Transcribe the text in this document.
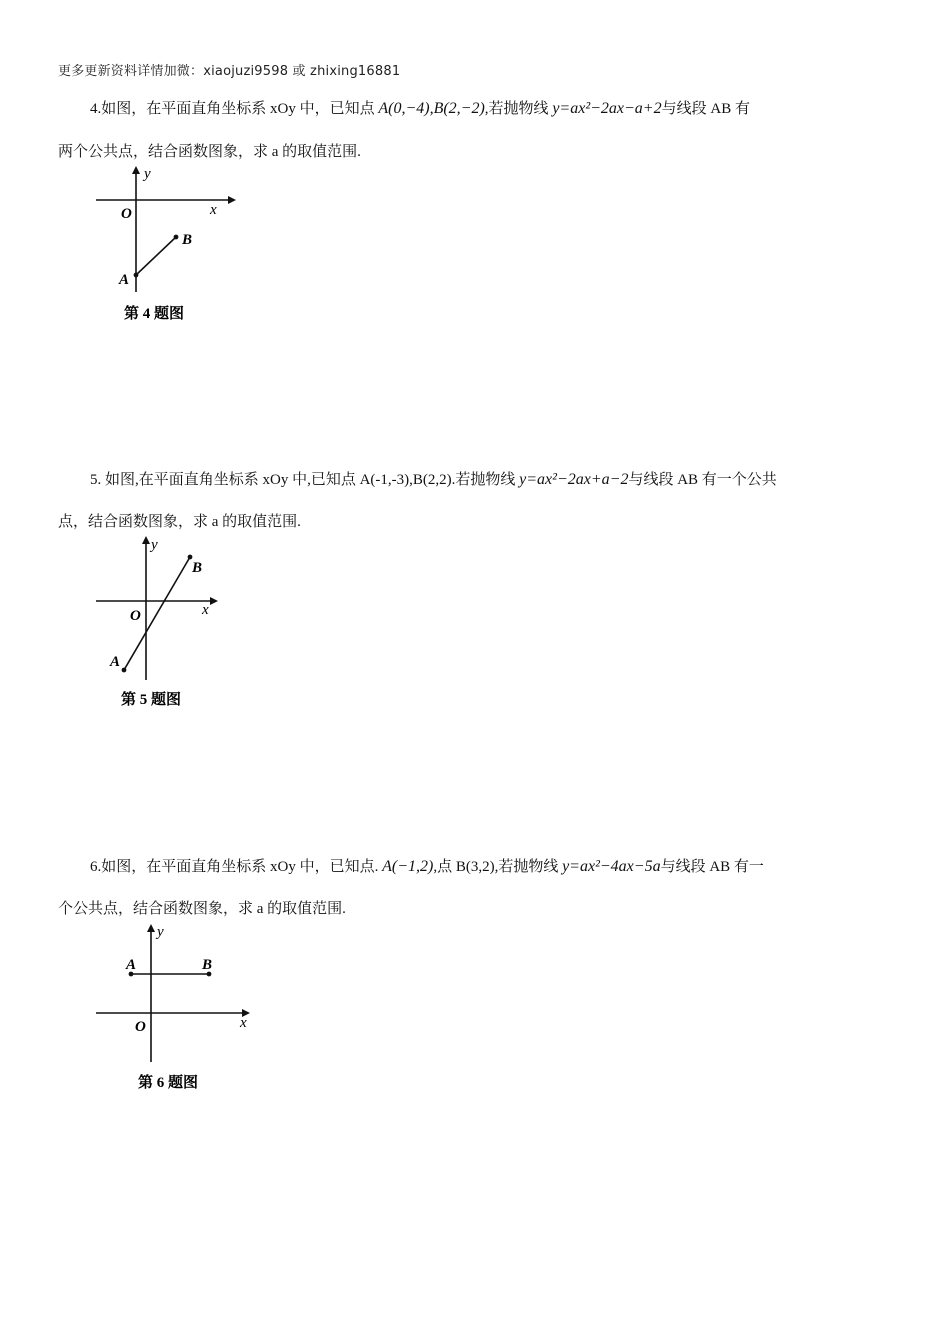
更多更新资料详情加微：xiaojuzi9598 或 zhixing16881
4.如图，在平面直角坐标系 xOy 中，已知点 A(0,−4),B(2,−2),若抛物线 y=ax²−2ax−a+2与线段 AB 有
两个公共点，结合函数图象，求 a 的取值范围.
y
x
O
A
B
第 4 题图
5. 如图,在平面直角坐标系 xOy 中,已知点 A(-1,-3),B(2,2).若抛物线 y=ax²−2ax+a−2与线段 AB 有一个公共
点，结合函数图象，求 a 的取值范围.
y
x
O
A
B
第 5 题图
6.如图，在平面直角坐标系 xOy 中，已知点. A(−1,2),点 B(3,2),若抛物线 y=ax²−4ax−5a与线段 AB 有一
个公共点，结合函数图象，求 a 的取值范围.
y
x
O
A	B
第 6 题图
